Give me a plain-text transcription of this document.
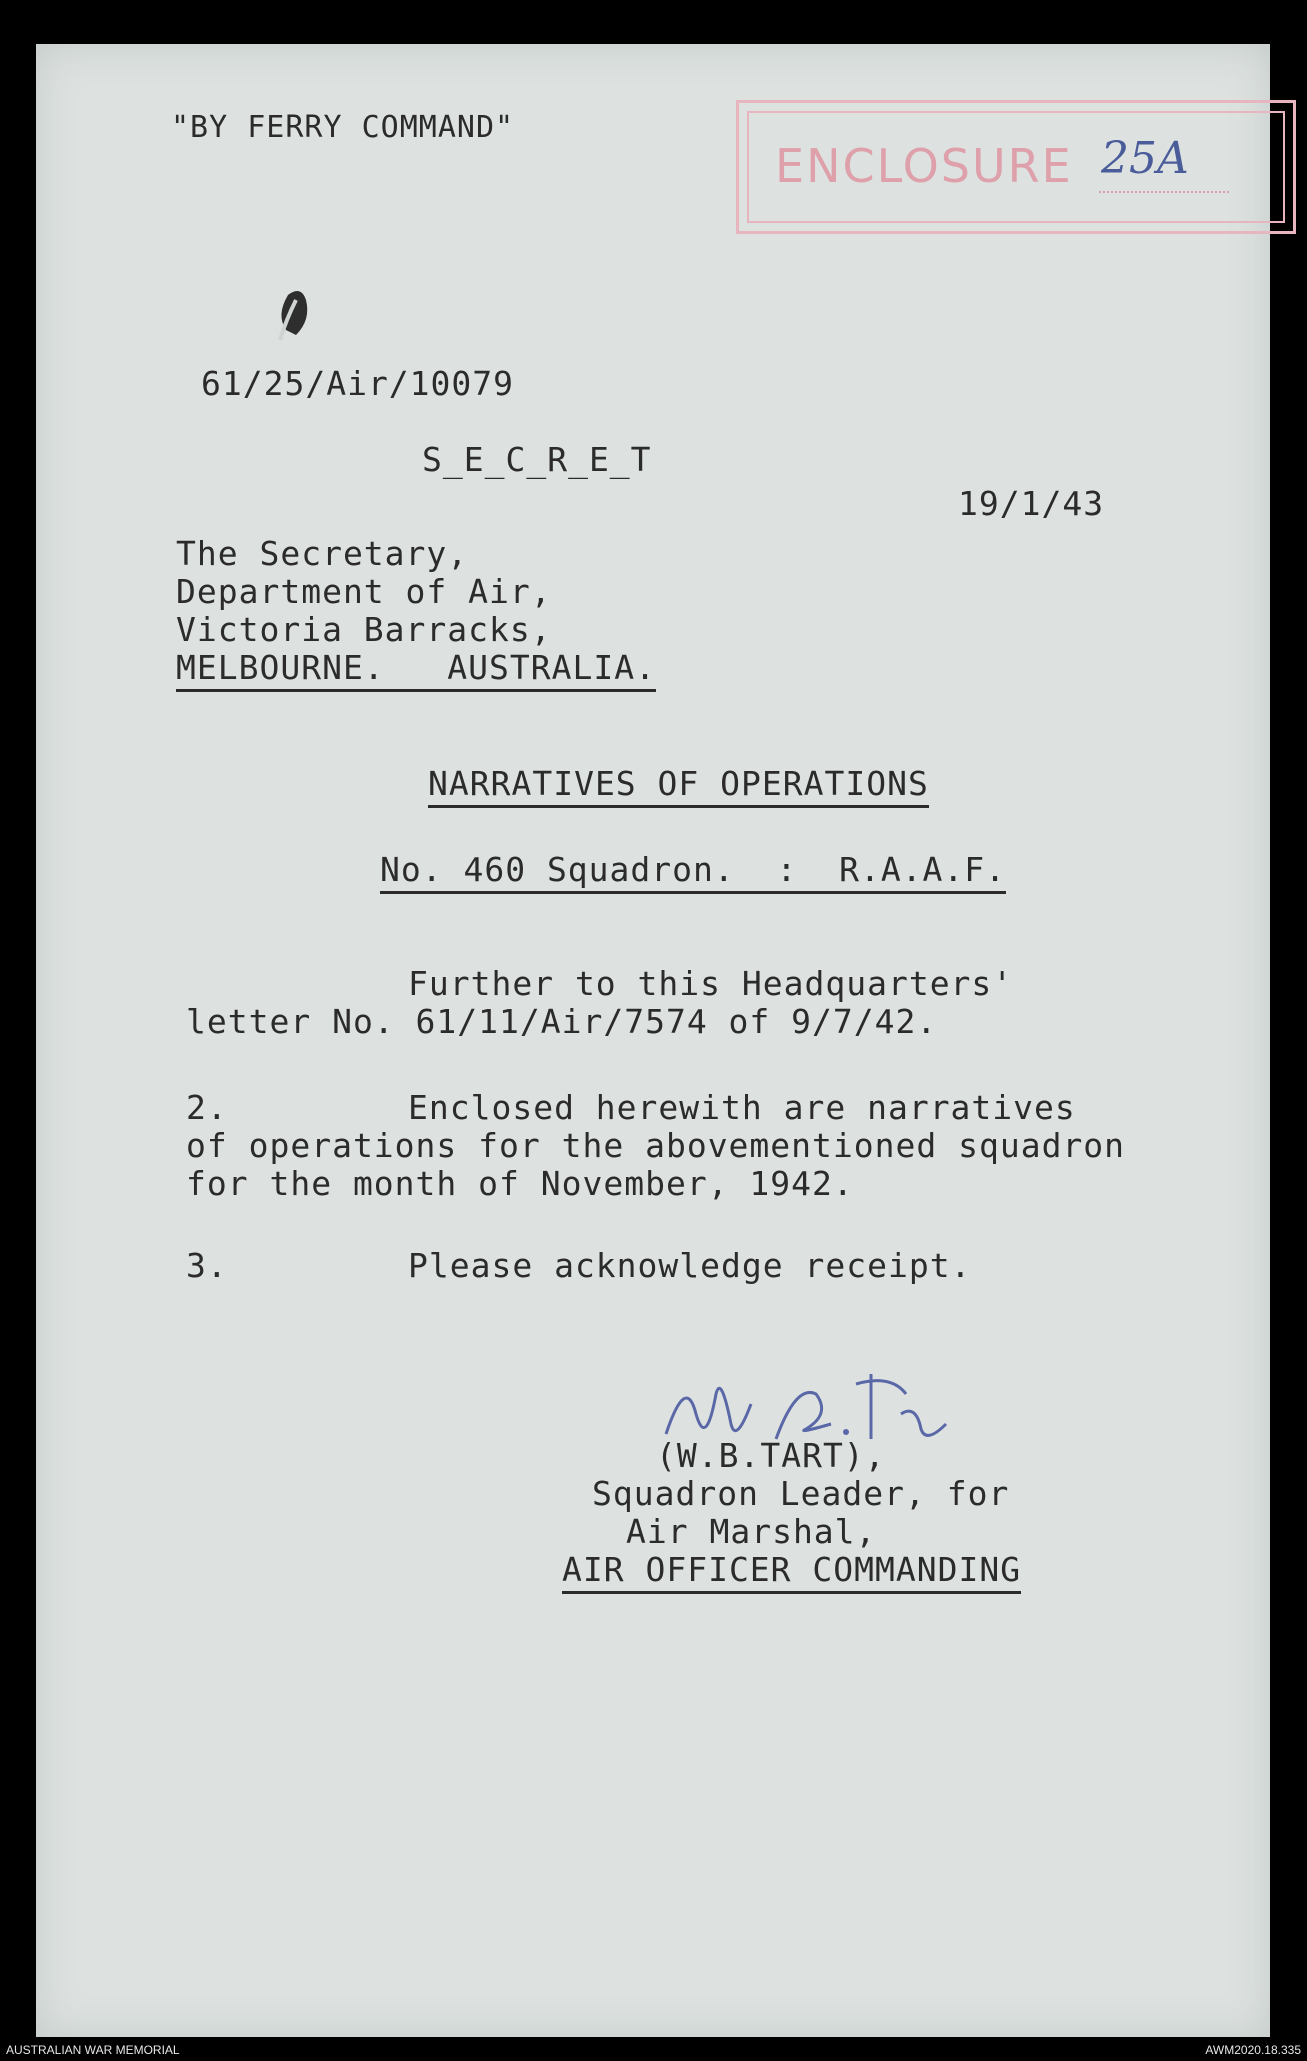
"BY FERRY COMMAND"
ENCLOSURE 25A
61/25/Air/10079
S_E_C_R_E_T
19/1/43
The Secretary,
Department of Air,
Victoria Barracks,
MELBOURNE.   AUSTRALIA.
NARRATIVES OF OPERATIONS
No. 460 Squadron.  :  R.A.A.F.
Further to this Headquarters'
letter No. 61/11/Air/7574 of 9/7/42.
2.	Enclosed herewith are narratives
of operations for the abovementioned squadron
for the month of November, 1942.
3.	Please acknowledge receipt.
(W.B.TART),
Squadron Leader, for
Air Marshal,
AIR OFFICER COMMANDING
AUSTRALIAN WAR MEMORIAL	AWM2020.18.335
